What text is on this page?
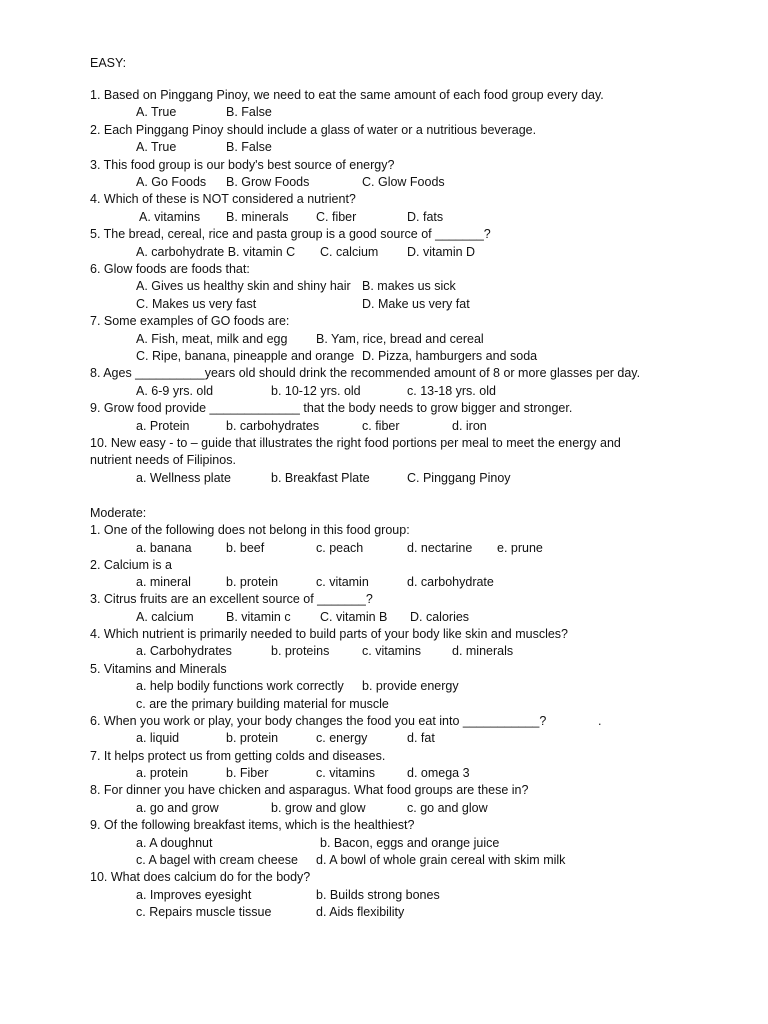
EASY:
1. Based on Pinggang Pinoy, we need to eat the same amount of each food group every day.
A. True	B. False
2. Each Pinggang Pinoy should include a glass of water or a nutritious beverage.
A. True	B. False
3. This food group is our body's best source of energy?
A. Go Foods B. Grow Foods	C. Glow Foods
4. Which of these is NOT considered a nutrient?
A. vitamins B. minerals C. fiber	D. fats
5. The bread, cereal, rice and pasta group is a good source of _______?
A. carbohydrate B. vitamin C C. calcium D. vitamin D
6. Glow foods are foods that:
A. Gives us healthy skin and shiny hair B. makes us sick
C. Makes us very fast	D. Make us very fat
7. Some examples of GO foods are:
A. Fish, meat, milk and egg B. Yam, rice, bread and cereal
C. Ripe, banana, pineapple and orange D. Pizza, hamburgers and soda
8. Ages __________years old should drink the recommended amount of 8 or more glasses per day.
A. 6-9 yrs. old	b. 10-12 yrs. old	c. 13-18 yrs. old
9. Grow food provide _____________ that the body needs to grow bigger and stronger.
a. Protein	b. carbohydrates	c. fiber	d. iron
10. New easy - to – guide that illustrates the right food portions per meal to meet the energy and
nutrient needs of Filipinos.
a. Wellness plate	b. Breakfast Plate	C. Pinggang Pinoy
Moderate:
1. One of the following does not belong in this food group:
a. banana	b. beef	c. peach	d. nectarine e. prune
2. Calcium is a
a. mineral	b. protein	c. vitamin	d. carbohydrate
3. Citrus fruits are an excellent source of _______?
A. calcium	B. vitamin c C. vitamin B D. calories
4. Which nutrient is primarily needed to build parts of your body like skin and muscles?
a. Carbohydrates	b. proteins	c. vitamins d. minerals
5. Vitamins and Minerals
a. help bodily functions work correctly b. provide energy
c. are the primary building material for muscle
6. When you work or play, your body changes the food you eat into ___________?	.
a. liquid	b. protein	c. energy	d. fat
7. It helps protect us from getting colds and diseases.
a. protein	b. Fiber	c. vitamins	d. omega 3
8. For dinner you have chicken and asparagus. What food groups are these in?
a. go and grow	b. grow and glow	c. go and glow
9. Of the following breakfast items, which is the healthiest?
a. A doughnut	b. Bacon, eggs and orange juice
c. A bagel with cream cheese d. A bowl of whole grain cereal with skim milk
10. What does calcium do for the body?
a. Improves eyesight	b. Builds strong bones
c. Repairs muscle tissue	d. Aids flexibility
